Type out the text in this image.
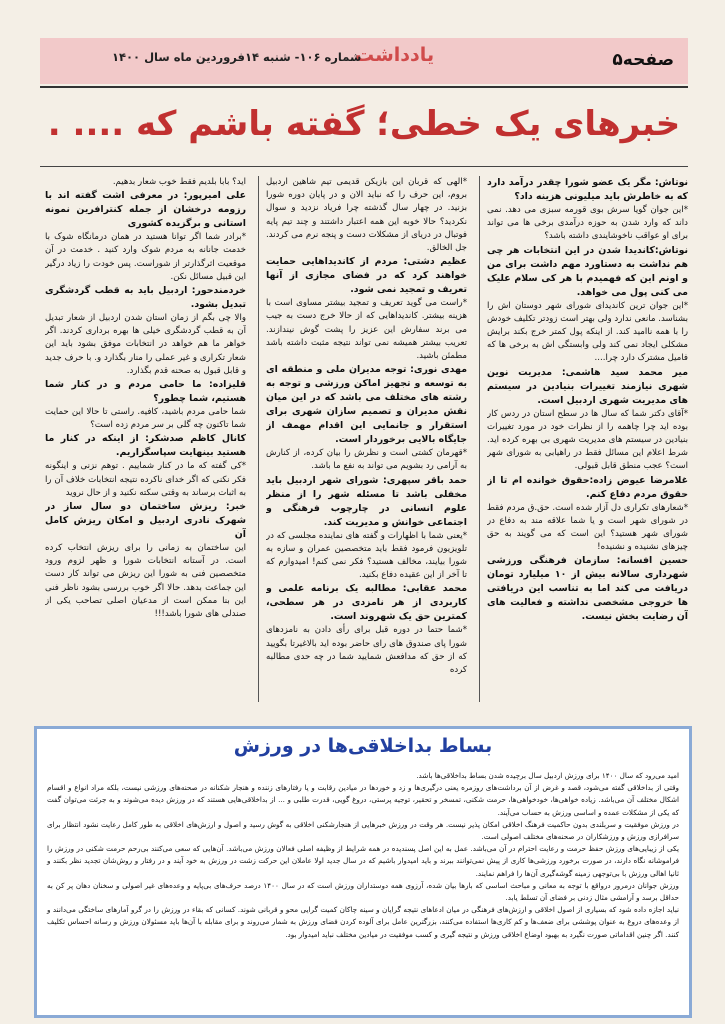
صفحه۵
یادداشت
شماره ۱۰۶- شنبه ۱۴فروردین ماه سال ۱۴۰۰
خبرهای یک خطی؛ گفته باشم که .... .

نوتاش: مگر یک عضو شورا چقدر درآمد دارد که به خاطرش باید میلیونی هزینه داد؟

*این جوان گویا سرش بوی قورمه سبزی می دهد. نمی داند که وارد شدن به حوزه درآمدی برخی ها می تواند برای او عواقب ناخوشایندی داشته باشد؟

نوتاش:کاندیدا شدن در این انتخابات هر چی هم نداشت به دستاورد مهم داشت برای من و اونم این که فهمیدم با هر کی سلام علیک می کنی پول می خواهد.

*این جوان ترین کاندیدای شورای شهر دوستان اش را بشناسد. مانعی ندارد ولی بهتر است زودتر تکلیف خودش را با همه ناامید کند. از اینکه پول کمتر خرج بکند برایش مشکلی ایجاد نمی کند ولی وابستگی اش به برخی ها که فامیل مشترک دارد چرا....

میر محمد سید هاشمی: مدیریت نوین شهری نیازمند تغییرات بنیادین در سیستم های مدیریت شهری اردبیل است.

*آقای دکتر شما که سال ها در سطح استان در ردس کار بوده اید چرا چاهمه را از نظرات خود در مورد تغییرات بنیادین در سیستم های مدیریت شهری بی بهره کرده اید. شرط اعلام این مسائل فقط در راهیابی به شورای شهر است؟ عجب منطق قابل قبولی.

غلامرضا عیوض زاده:حقوق خوانده ام تا از حقوق مردم دفاع کنم.

*شعارهای تکراری دل آزار شده است. حق.ق مردم فقط در شورای شهر است و یا شما علاقه مند به دفاع در شورای شهر هستید؟ این است که می گویند به حق چیزهای نشنیده و نشنیده!

حسین افسانه: سازمان فرهنگی ورزشی شهرداری سالانه بیش از ۱۰ میلیارد تومان دریافت می کند اما به تناسب این دریافتی ها خروجی مشخصی نداشته و فعالیت های آن رضایت بخش نیست.

*الهی که قربان این بازیکن قدیمی تیم شاهین اردبیل بروم، این حرف را که نباید الان و در پایان دوره شورا بزنید. در چهار سال گذشته چرا فریاد نزدید و سوال نکردید؟ حالا خوبه این همه اعتبار داشتند و چند تیم پایه فوتبال در دریای از مشکلات دست و پنجه نرم می کردند. جل الخالق.

عظیم دشتی: مردم از کاندیداهایی حمایت خواهند کرد که در فضای مجازی از آنها تعریف و تمجید نمی شود.

*راست می گوید تعریف و تمجید بیشتر مساوی است با هزینه بیشتر. کاندیداهایی که از حالا خرج دست به جیب می برند سفارش این عزیز را پشت گوش نیندازند. تعریب بیشتر همیشه نمی تواند نتیجه مثبت داشته باشد مطمئن باشید.

مهدی نوری: توجه مدیران ملی و منطقه ای به توسعه و تجهیز اماکن ورزشی و توجه به رشته های مختلف می باشد که در این میان نقش مدیران و تصمیم سازان شهری برای استقرار و جانمایی این اقدام مهمف از جایگاه بالایی برخوردار است.

*قهرمان کشتی است و نظرش را بیان کرده، از کنارش به آرامی رد بشویم می تواند به نفع ما باشد.

حمد باقر سپهری: شورای شهر اردبیل باید مخفلی باشد تا مسئله شهر را از منظر علوم انسانی در چارچوب فرهنگی و اجتماعی خوانش و مدیریت کند.

*یعنی شما با اظهارات و گفته های نماینده مجلسی که در تلویزیون فرمود فقط باید متخصصین عمران و سازه به شورا بیایند، مخالف هستید؟ فکر نمی کنم! امیدوارم که تا آخر از این عقیده دفاع بکنید.

محمد عقابی: مطالبه یک برنامه علمی و کاربردی از هر نامزدی در هر سطحی، کمترین حق یک شهروند است.

*شما حتما در دوره قبل برای رأی دادن به نامزدهای شورا پای صندوق های رای حاضر بوده اید بالاغیرتا بگویید که از حق که مدافعش شمایید شما در چه حدی مطالبه کرده

اید؟ بابا بلدیم فقط خوب شعار بدهیم.

علی امیرپور: در معرفی اشت گفته اند با رزومه درخشان از جمله کنترافرین نمونه استانی و برگزیده کشوری

*برادر شما اگر توانا هستید در همان درمانگاه شوک با خدمت جانانه به مردم شوک وارد کنید . خدمت در آن موقعیت اثرگذارتر از شوراست. پس خودت را زیاد درگیر این قبیل مسائل نکن.

خردمندحور: اردبیل باید به قطب گردشگری تبدیل بشود.

والا چی بگم از زمان استان شدن اردبیل از شعار تبدیل آن به قطب گردشگری خیلی ها بهره برداری کردند. اگر خواهر ما هم خواهد در انتخابات موفق بشود باید این شعار تکراری و غیر عملی را منار بگذارد و. با حرف جدید و قابل قبول به صحنه قدم بگذارد.

قلیزاده: ما حامی مردم و در کنار شما هستیم، شما چطور؟

شما حامی مردم باشید، کافیه. راستی تا حالا این حمایت شما تاکنون چه گلی بر سر مردم زده است؟

کانال کاظم صدشکر: از اینکه در کنار ما هستید بینهایت سپاسگزاریم.

*کی گفته که ما در کنار شماییم . توهم نزنی و اینگونه فکر نکنی که اگر خدای ناکرده نتیجه انتخابات خلاف آن را به اثبات برساند به وقتی سکته نکنید و از حال نروید

خبر: ریزش ساختمان دو سال ساز در شهرک نادری اردبیل و امکان ریزش کامل آن

این ساختمان به زمانی را برای ریزش انتخاب کرده است. در آستانه انتخابات شورا و ظهر لزوم ورود متخصصین فنی به شورا این ریزش می تواند کار دست این جماعت بدهد. حالا اگر خوب بررسی بشود ناظر فنی این بنا ممکن است از مدعیان اصلی تصاحب یکی از صندلی های شورا باشد!!!

بساط بداخلاقی‌ها در ورزش

امید می‌رود که سال ۱۴۰۰ برای ورزش اردبیل سال برچیده شدن بساط بداخلاقی‌ها باشد.

وقتی از بداخلاقی گفته می‌شود، قصد و غرض از آن برداشت‌های روزمره یعنی درگیری‌ها و زد و خوردها در میادین رقابت و یا رفتارهای زننده و هنجار شکنانه در صحنه‌های ورزشی نیست، بلکه مراد انواع و اقسام اشکال مختلف آن می‌باشد. زیاده خواهی‌ها، خودخواهی‌ها، حرمت شکنی، تمسخر و تحقیر، توجیه پرستی، دروغ گویی، قدرت طلبی و ... از بداخلاقی‌هایی هستند که در ورزش دیده می‌شوند و به جرئت می‌توان گفت که یکی از مشکلات عمده و اساسی ورزش به حساب می‌آیند.

در ورزش موفقیت و سربلندی بدون حاکمیت فرهنگ اخلاقی امکان پذیر نیست. هر وقت در ورزش خبرهایی از هنجارشکنی اخلاقی به گوش رسید و اصول و ارزش‌های اخلاقی به طور کامل رعایت نشود انتظار برای سرافرازی ورزش و ورزشکاران در صحنه‌های مختلف اصولی است.

یکی از زیبایی‌های ورزش حفظ حرمت و رعایت احترام در آن می‌باشد. عمل به این اصل پسندیده در همه شرایط از وظیفه اصلی فعالان ورزش می‌باشد. آن‌هایی که سعی می‌کنند بی‌رحم حرمت شکنی در ورزش را فراموشانه نگاه دارند، در صورت برخورد ورزشی‌ها کاری از پیش نمی‌توانند ببرند و باید امیدوار باشیم که در سال جدید اولا عاملان این حرکت زشت در ورزش به خود آیند و در رفتار و روش‌شان تجدید نظر بکنند و ثانیا اهالی ورزش با بی‌توجهی زمینه گوشه‌گیری آن‌ها را فراهم نمایند.

ورزش جوانان درمرور درواقع با توجه به معانی و مباحث اساسی که بارها بیان شده، آرزوی همه دوستداران ورزش است که در سال ۱۴۰۰ درصد حرف‌های بی‌پایه و وعده‌های غیر اصولی و سخنان دهان پر کن به حداقل برسد و آرامشی مثال زدنی بر فضای آن تسلط یابد.

نباید اجازه داده شود که بسیاری از اصول اخلاقی و ارزش‌های فرهنگی در میان ادعاهای نتیجه گرایان و سینه چاکان کمیت گرایی محو و قربانی شوند. کسانی که بقاء در ورزش را در گرو آمارهای ساختگی می‌دانند و از وعده‌های دروغ به عنوان پوششی برای ضعف‌ها و کم کاری‌ها استفاده می‌کنند، بزرگترین عامل برای آلوده کردن فضای ورزش به شمار می‌روند و برای مقابله با آن‌ها باید مسئولان ورزش و رسانه احساس تکلیف کنند. اگر چنین اقداماتی صورت نگیرد به بهبود اوضاع اخلاقی ورزش و نتیجه گیری و کسب موفقیت در میادین مختلف نباید امیدوار بود.
